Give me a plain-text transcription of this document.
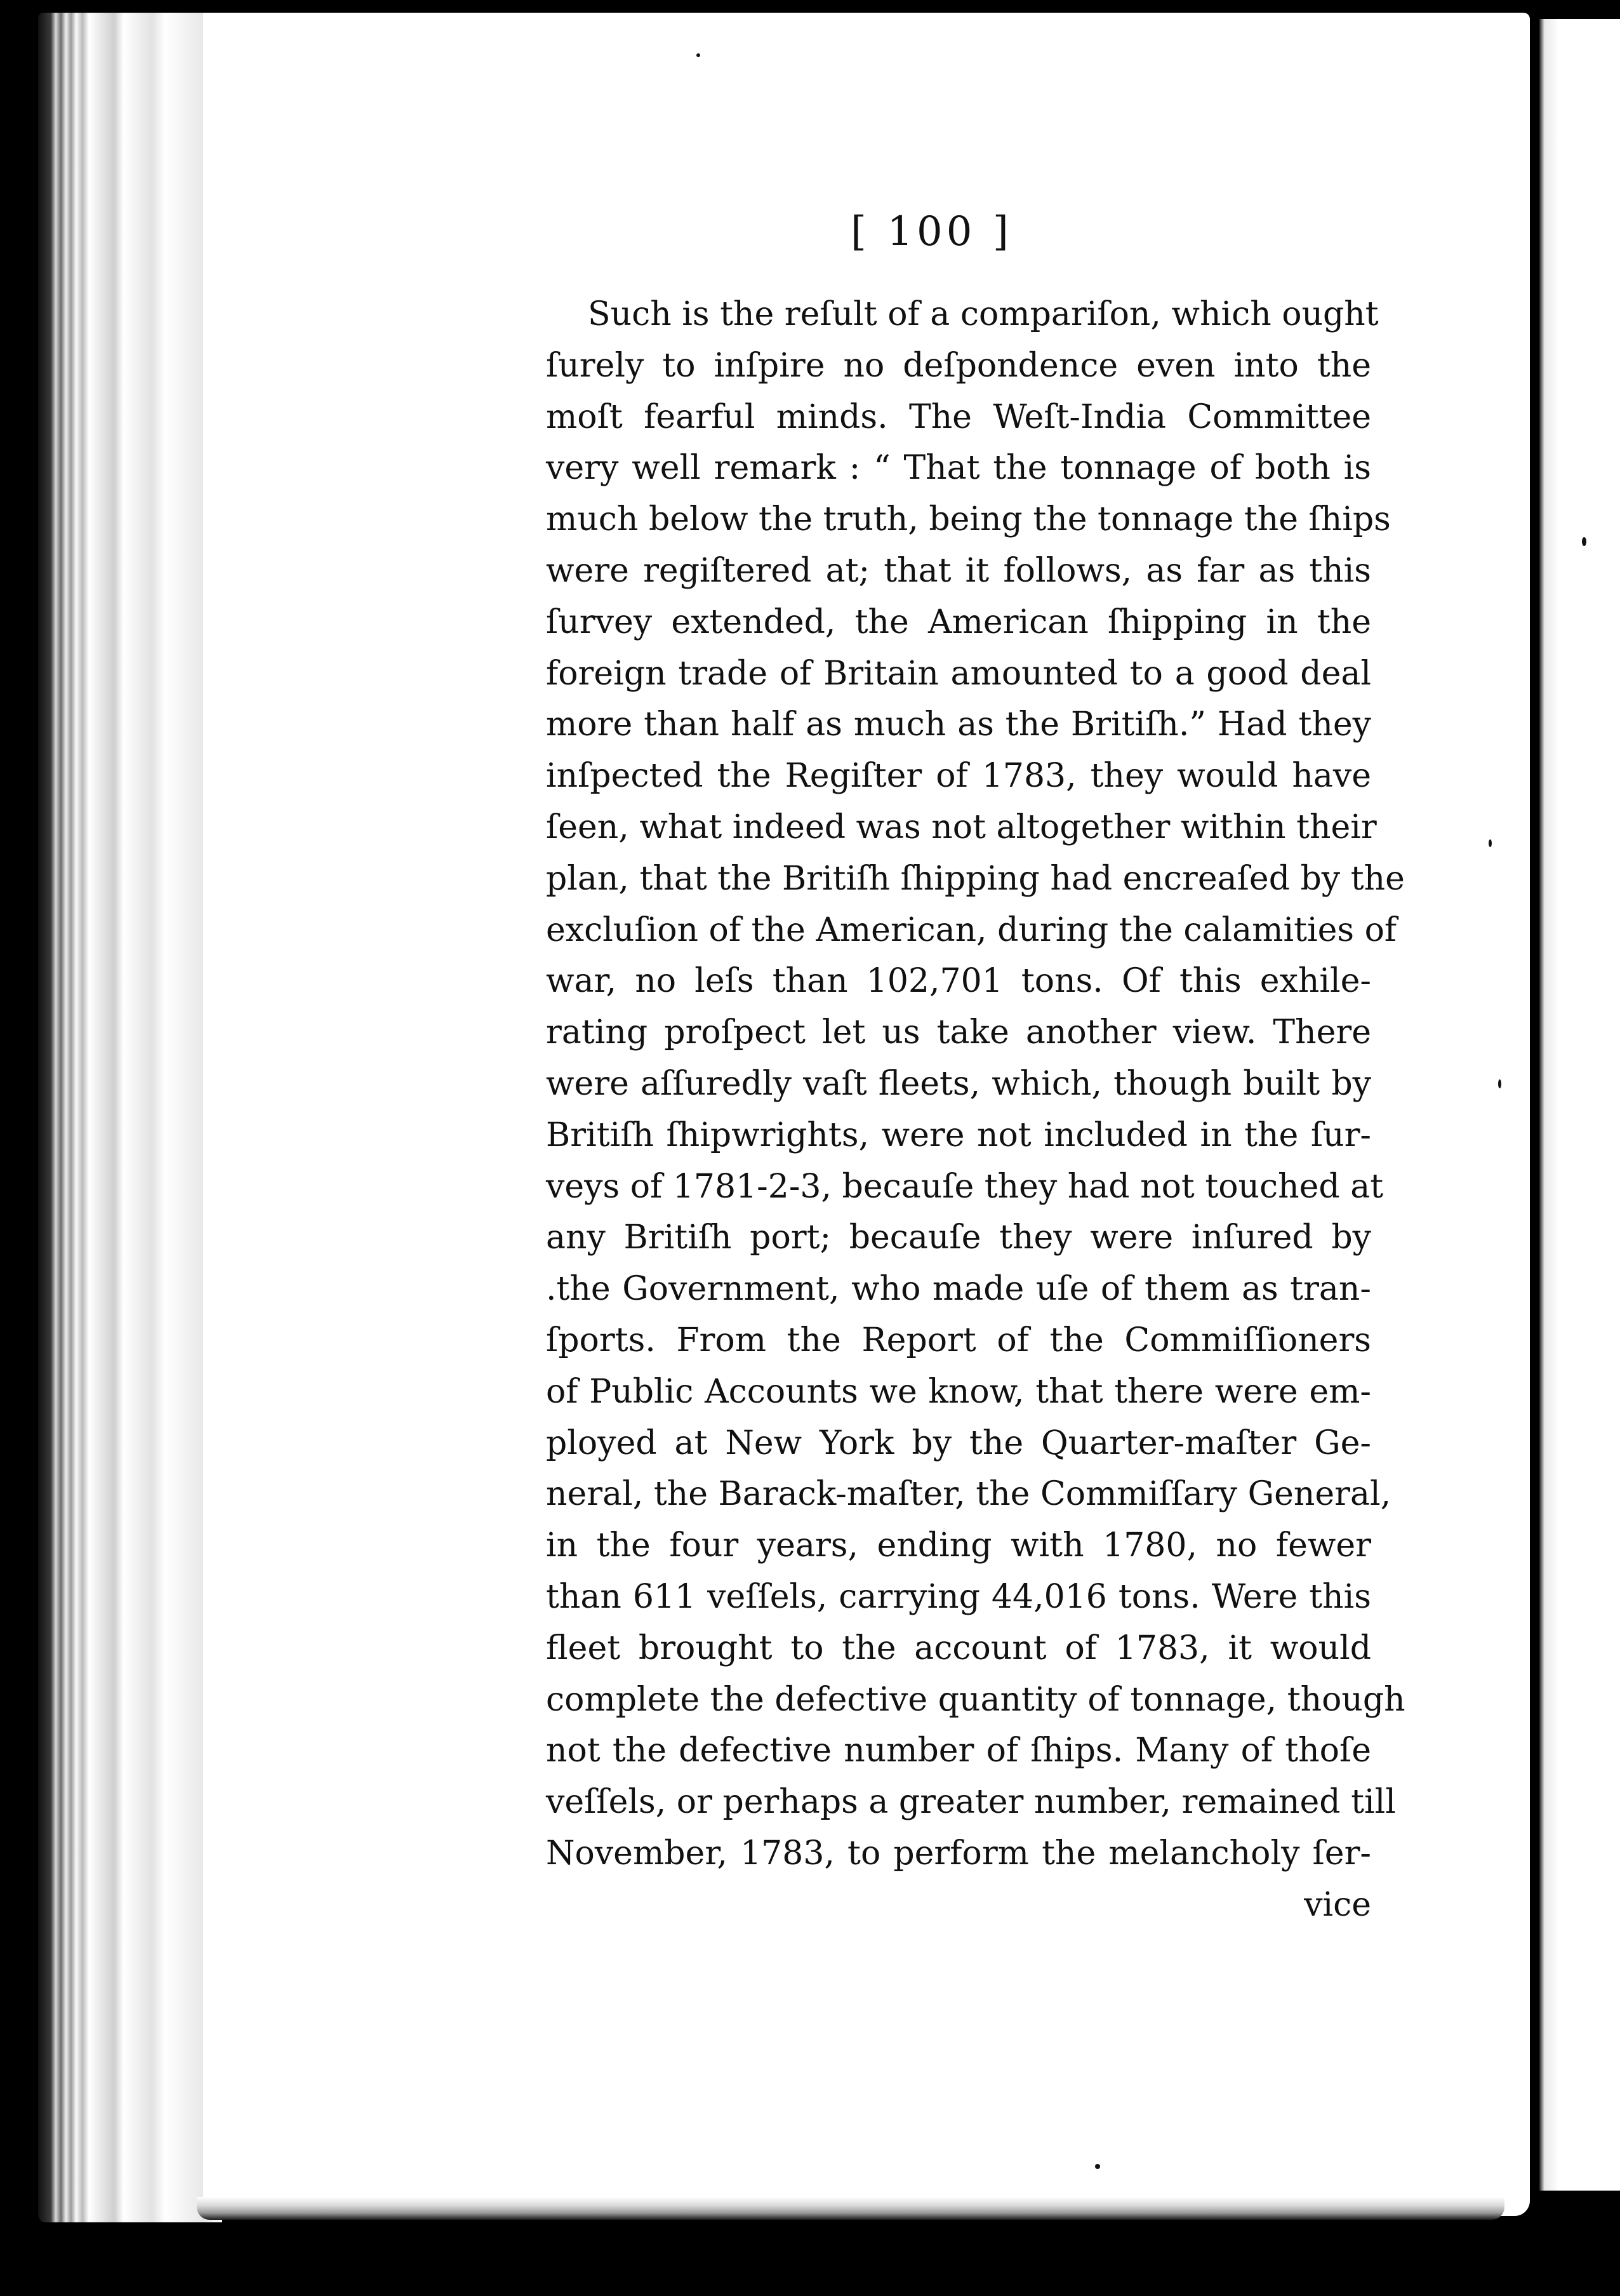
[ 100 ]
Such is the reſult of a compariſon, which ought
ſurely to inſpire no deſpondence even into the
moſt fearful minds. The Weſt-India Committee
very well remark : “ That the tonnage of both is
much below the truth, being the tonnage the ſhips
were regiſtered at; that it follows, as far as this
ſurvey extended, the American ſhipping in the
foreign trade of Britain amounted to a good deal
more than half as much as the Britiſh.” Had they
inſpected the Regiſter of 1783, they would have
ſeen, what indeed was not altogether within their
plan, that the Britiſh ſhipping had encreaſed by the
excluſion of the American, during the calamities of
war, no leſs than 102,701 tons. Of this exhile-
rating proſpect let us take another view. There
were aſſuredly vaſt fleets, which, though built by
Britiſh ſhipwrights, were not included in the ſur-
veys of 1781-2-3, becauſe they had not touched at
any Britiſh port; becauſe they were inſured by
.the Government, who made uſe of them as tran-
ſports. From the Report of the Commiſſioners
of Public Accounts we know, that there were em-
ployed at New York by the Quarter-maſter Ge-
neral, the Barack-maſter, the Commiſſary General,
in the four years, ending with 1780, no fewer
than 611 veſſels, carrying 44,016 tons. Were this
fleet brought to the account of 1783, it would
complete the defective quantity of tonnage, though
not the defective number of ſhips. Many of thoſe
veſſels, or perhaps a greater number, remained till
November, 1783, to perform the melancholy ſer-
vice
